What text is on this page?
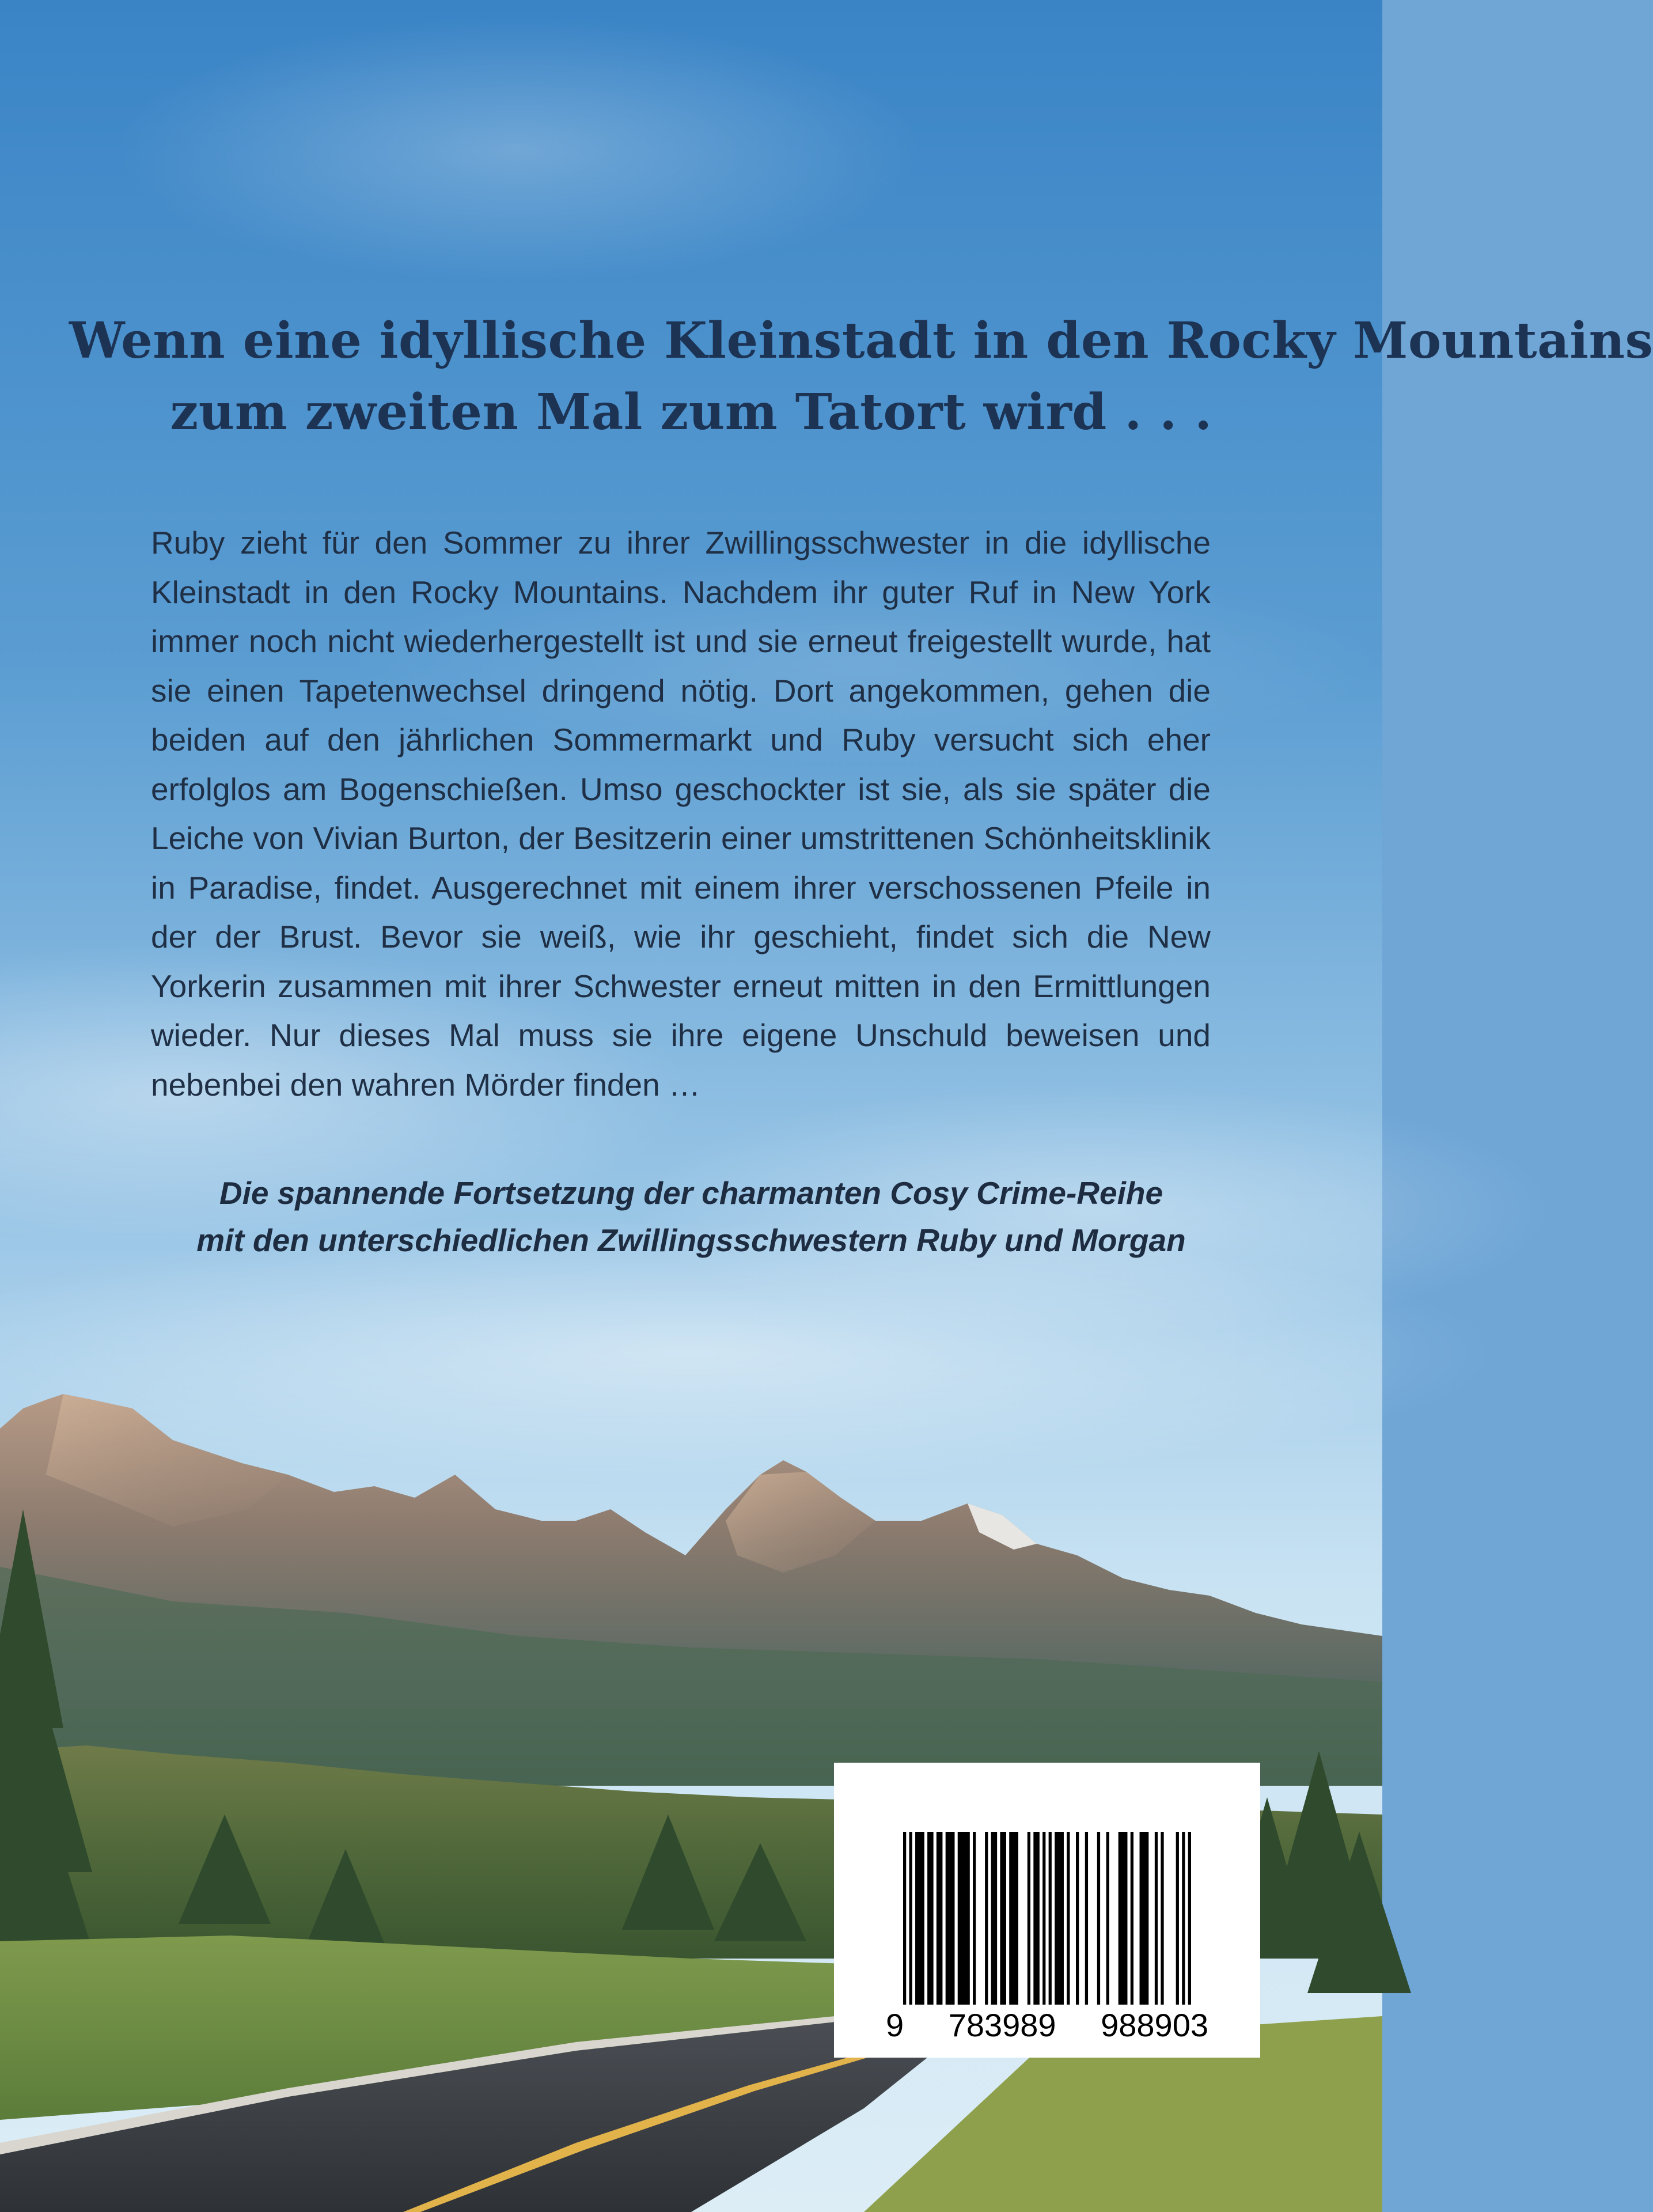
Wenn eine idyllische Kleinstadt in den Rocky Mountains
zum zweiten Mal zum Tatort wird . . .

Ruby zieht für den Sommer zu ihrer Zwillingsschwester in die idyllische Kleinstadt in den Rocky Mountains. Nachdem ihr guter Ruf in New York immer noch nicht wiederhergestellt ist und sie erneut freigestellt wurde, hat sie einen Tapetenwechsel dringend nötig. Dort angekommen, gehen die beiden auf den jährlichen Sommermarkt und Ruby versucht sich eher erfolglos am Bogenschießen. Umso geschockter ist sie, als sie später die Leiche von Vivian Burton, der Besitzerin einer umstrittenen Schönheitsklinik in Paradise, findet. Ausgerechnet mit einem ihrer verschossenen Pfeile in der der Brust. Bevor sie weiß, wie ihr geschieht, findet sich die New Yorkerin zusammen mit ihrer Schwester erneut mitten in den Ermittlungen wieder. Nur dieses Mal muss sie ihre eigene Unschuld beweisen und nebenbei den wahren Mörder finden …

Die spannende Fortsetzung der charmanten Cosy Crime-Reihe
mit den unterschiedlichen Zwillingsschwestern Ruby und Morgan
9 783989 988903
